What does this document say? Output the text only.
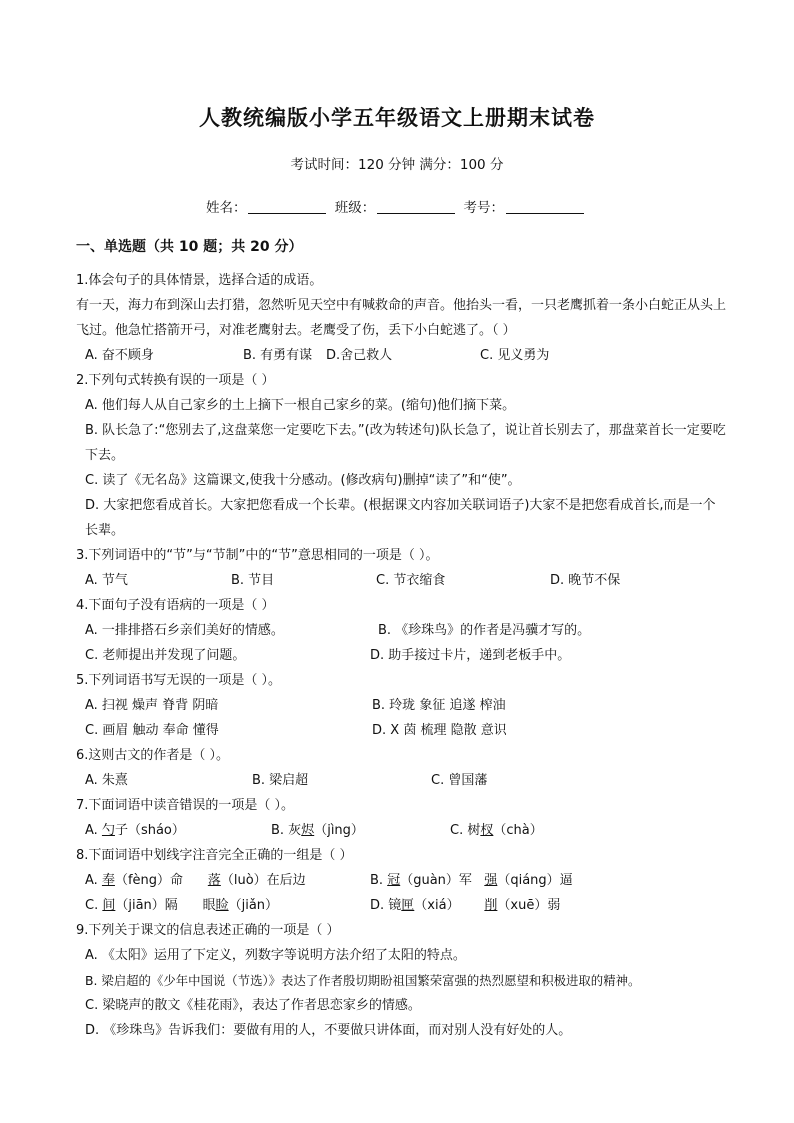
人教统编版小学五年级语文上册期末试卷
考试时间：120 分钟 满分：100 分
姓名：	班级：	考号：
一、单选题（共 10 题；共 20 分）
1.体会句子的具体情景，选择合适的成语。
有一天，海力布到深山去打猎，忽然听见天空中有喊救命的声音。他抬头一看，一只老鹰抓着一条小白蛇正从头上飞过。他急忙搭箭开弓，对准老鹰射去。老鹰受了伤，丢下小白蛇逃了。（ ）
A. 奋不顾身	B. 有勇有谋 D.舍己救人	C. 见义勇为
2.下列句式转换有误的一项是（ ）
A. 他们每人从自己家乡的土上摘下一根自己家乡的菜。(缩句)他们摘下菜。
B. 队长急了:“您别去了,这盘菜您一定要吃下去。”(改为转述句)队长急了，说让首长别去了，那盘菜首长一定要吃下去。
C. 读了《无名岛》这篇课文,使我十分感动。(修改病句)删掉“读了”和“使”。
D. 大家把您看成首长。大家把您看成一个长辈。(根据课文内容加关联词语子)大家不是把您看成首长,而是一个长辈。
3.下列词语中的“节”与“节制”中的“节”意思相同的一项是（ ）。
A. 节气	B. 节目	C. 节衣缩食	D. 晚节不保
4.下面句子没有语病的一项是（ ）
A. 一排排搭石乡亲们美好的情感。	B. 《珍珠鸟》的作者是冯骥才写的。
C. 老师提出并发现了问题。	D. 助手接过卡片，递到老板手中。
5.下列词语书写无误的一项是（ ）。
A. 扫视 燥声 脊背 阴暗	B. 玲珑 象征 追遂 榨油
C. 画眉 触动 奉命 懂得	D. X 茵 梳理 隐散 意识
6.这则古文的作者是（ ）。
A. 朱熹	B. 梁启超	C. 曾国藩
7.下面词语中读音错误的一项是（ ）。
A. 勺子（sháo）	B. 灰烬（jìng）	C. 树杈（chà）
8.下面词语中划线字注音完全正确的一组是（ ）
A. 奉（fèng）命      落（luò）在后边	B. 冠（guàn）军   强（qiáng）逼
C. 间（jiān）隔      眼睑（jiǎn）	D. 镜匣（xiá）      削（xuē）弱
9.下列关于课文的信息表述正确的一项是（ ）
A. 《太阳》运用了下定义，列数字等说明方法介绍了太阳的特点。
B. 梁启超的《少年中国说（节选）》表达了作者殷切期盼祖国繁荣富强的热烈愿望和积极进取的精神。
C. 梁晓声的散文《桂花雨》，表达了作者思恋家乡的情感。
D. 《珍珠鸟》告诉我们：要做有用的人，不要做只讲体面，而对别人没有好处的人。
